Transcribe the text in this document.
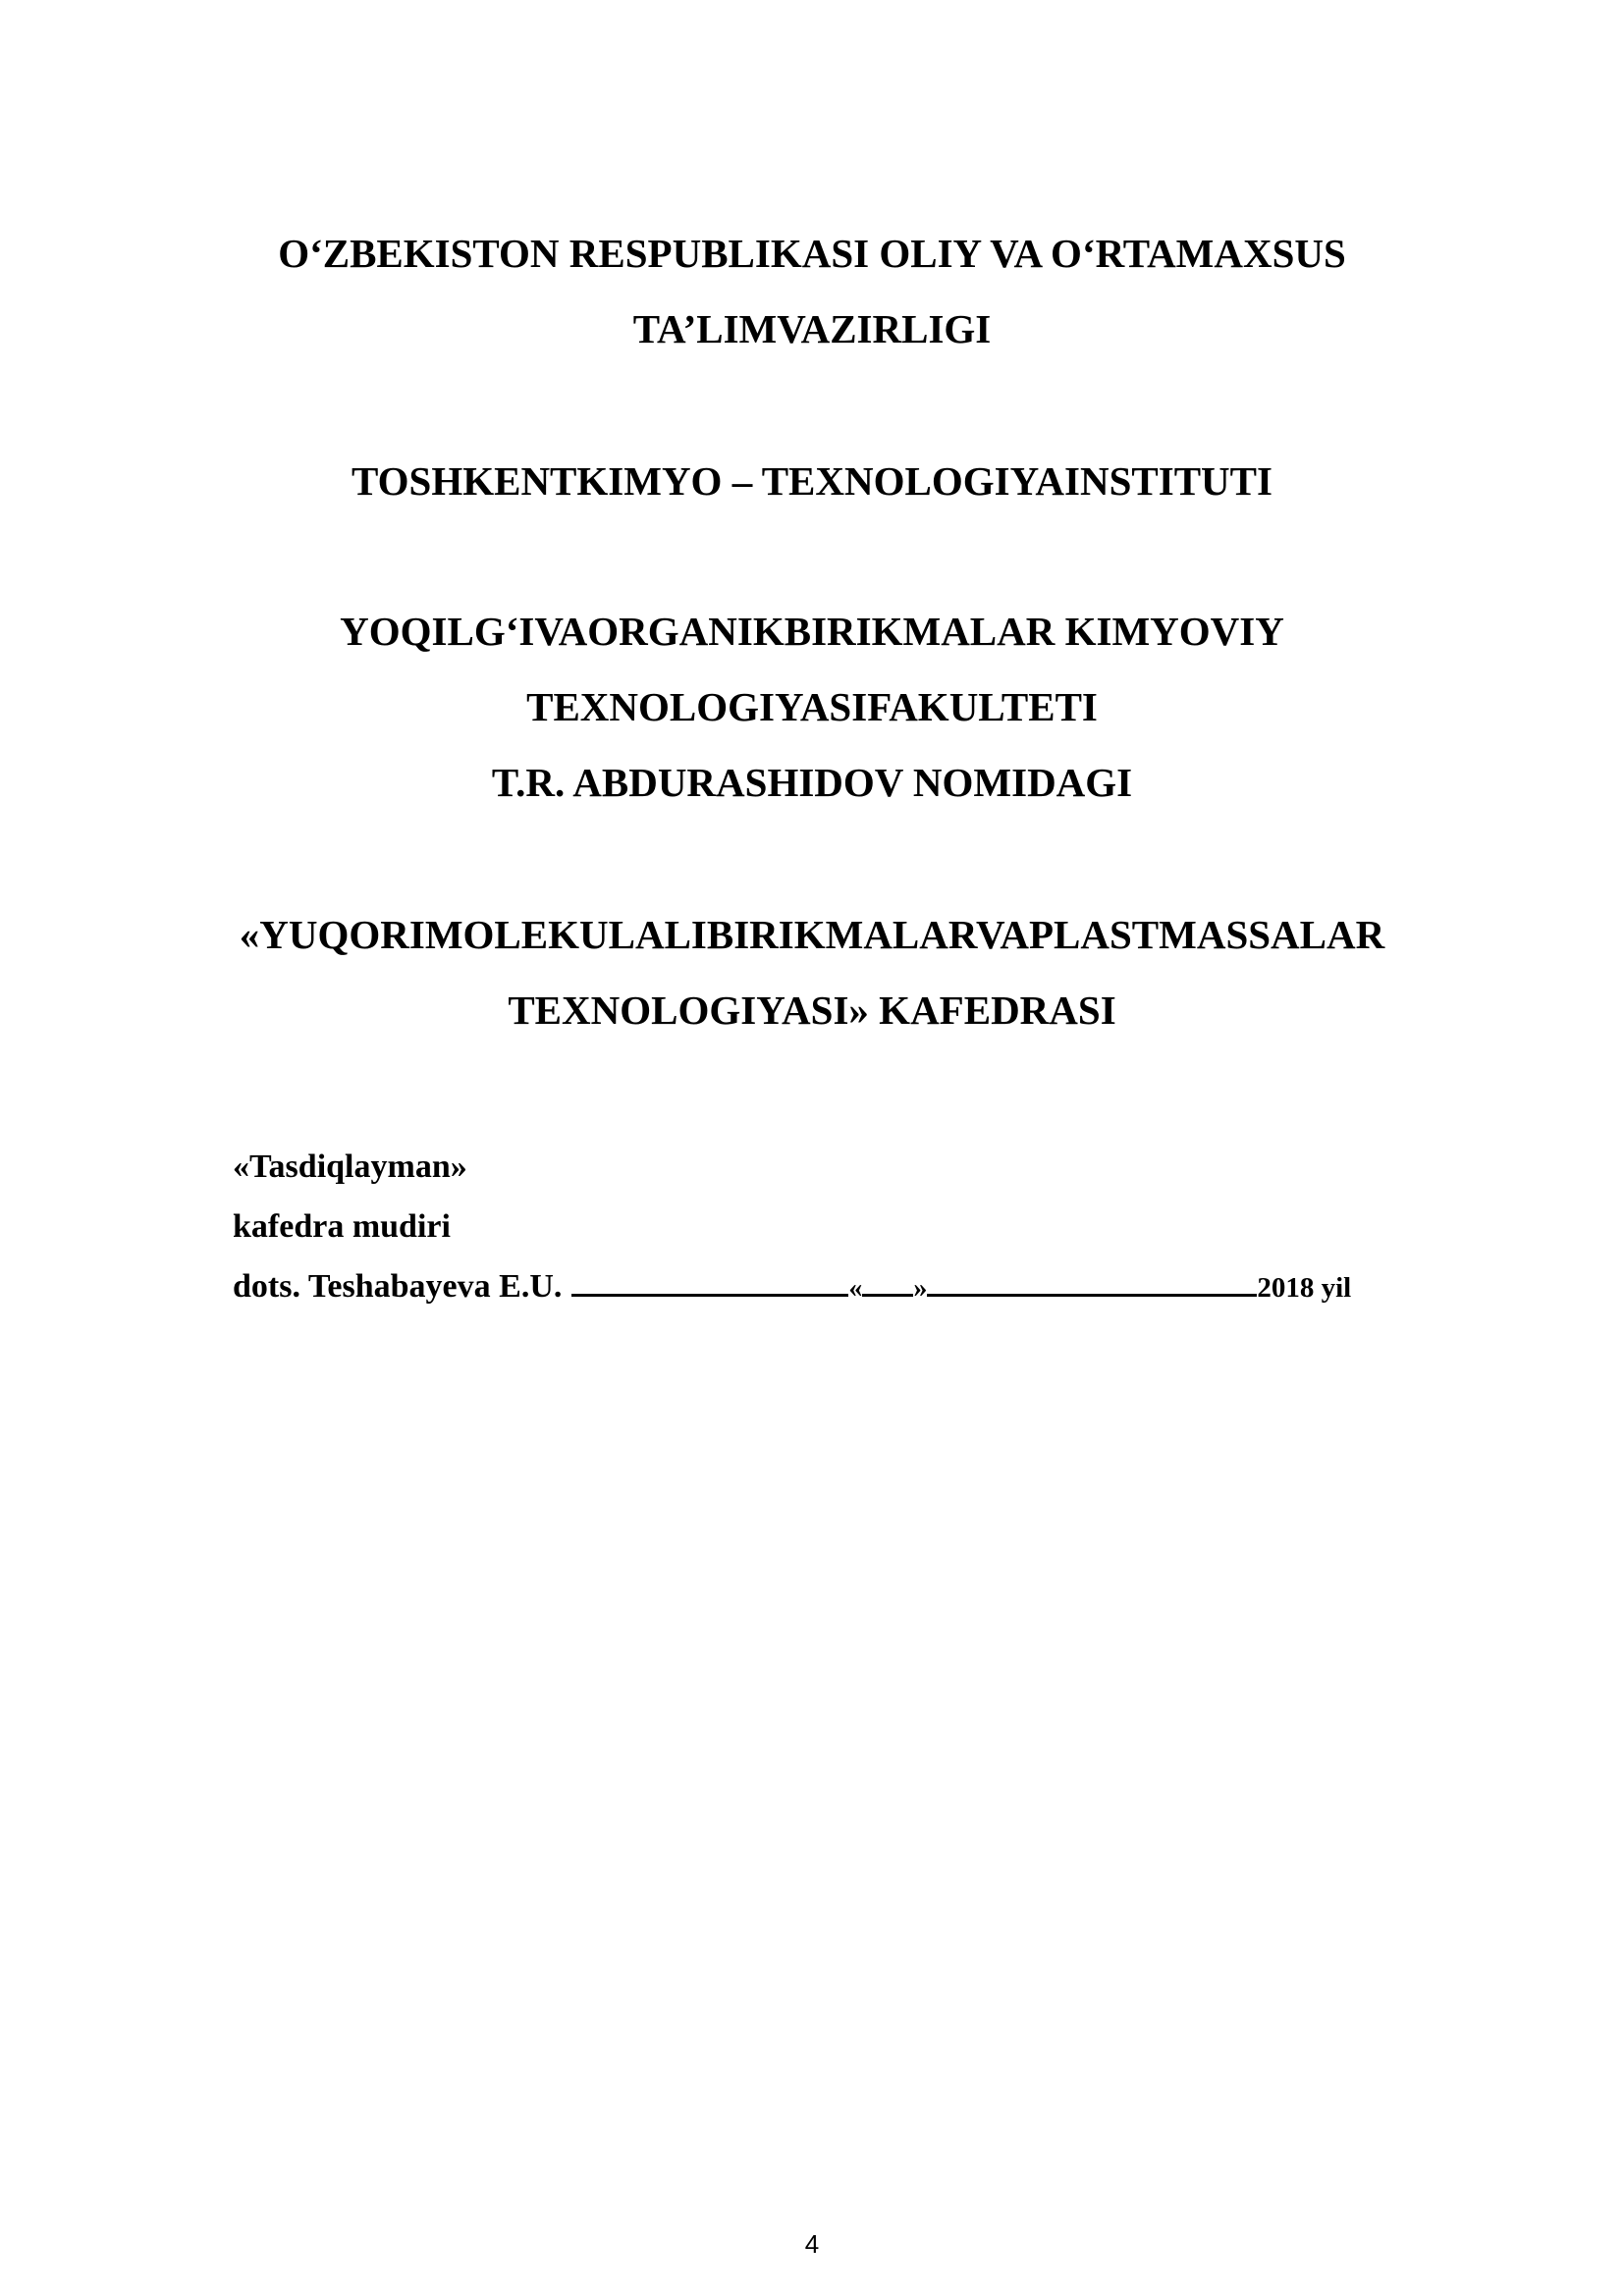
O‘ZBEKISTON RESPUBLIKASI OLIY VA O‘RTAMAXSUS

TA’LIMVAZIRLIGI

TOSHKENTKIMYO – TEXNOLOGIYAINSTITUTI

YOQILG‘IVAORGANIKBIRIKMALAR KIMYOVIY

TEXNOLOGIYASIFAKULTETI

T.R. ABDURASHIDOV NOMIDAGI

«YUQORIMOLEKULALIBIRIKMALARVAPLASTMASSALAR

TEXNOLOGIYASI» KAFEDRASI

«Tasdiqlayman»

kafedra mudiri

dots. Teshabayeva E.U.	« »	2018 yil
4
